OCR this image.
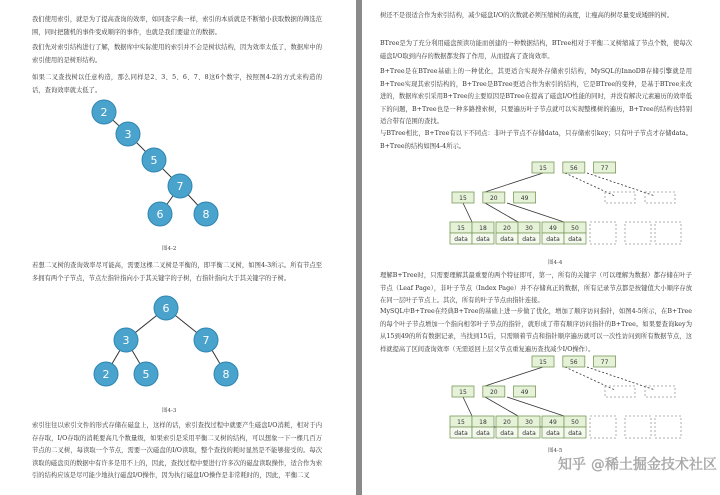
我们使用索引，就是为了提高查询的效率，如同查字典一样，索引的本质就是不断缩小获取数据的筛选范围，同时把随机的事件变成顺序的事件，也就是我们要建立的数据。

我们先对索引结构进行了解，数据库中实际使用的索引并不会是树状结构，因为效率太低了，数据库中的索引使用的是树形结构。

如果二叉查找树以任意构造，那么同样是2、3、5、6、7、8这6个数字，按照图4-2的方式来构造的话，查询效率就太低了。

2
3
5
7
6	8
图4-2

若想二叉树的查询效率尽可能高，需要这棵二叉树是平衡的，即平衡二叉树，如图4-3所示。所有节点至多拥有两个子节点，节点左指针指向小于其关键字的子树，右指针指向大于其关键字的子树。

6
3	7
2	5	8
图4-3

索引往往以索引文件的形式存储在磁盘上，这样的话，索引查找过程中就要产生磁盘I/O消耗，相对于内存存取，I/O存取的消耗要高几个数量级，如果索引是采用平衡二叉树的结构，可以想象一下一棵几百万节点的二叉树，每读取一个节点，需要一次磁盘的I/O读取，整个查找的耗时显然是不能够接受的。每次读取的磁盘页的数据中有许多是用不上的，因此，查找过程中要进行许多次的磁盘读取操作，适合作为索引的结构应该是尽可能少地执行磁盘I/O操作，因为执行磁盘I/O操作是非常耗时的，因此，平衡二叉

树还不是很适合作为索引结构，减少磁盘I/O的次数就必须压缩树的高度，让瘦高的树尽量变成矮胖的树。

BTree是为了充分利用磁盘预读功能而创建的一种数据结构，BTree相对于平衡二叉树缩减了节点个数，使每次磁盘I/O取到内存的数据都发挥了作用，从而提高了查询效率。

B+Tree是在BTree基础上的一种优化，其更适合实现外存储索引结构，MySQL的InnoDB存储引擎就是用B+Tree实现其索引结构的，B+Tree是BTree更适合作为索引的结构，它是BTree的变种，是基于BTree来改进的，数据库索引采用B+Tree的主要原因是BTree在提高了磁盘I/O性能的同时，并没有解决元素遍历的效率低下的问题，B+Tree也是一种多路搜索树，只要遍历叶子节点就可以实现整棵树的遍历，B+Tree的结构也特别适合带有范围的查找。

与BTree相比，B+Tree有以下不同点：非叶子节点不存储data，只存储索引key；只有叶子节点才存储data。B+Tree的结构如图4-4所示。

15	56	77
15	20	49
15
data
18
data
20
data
30
data
49
data
50
data
图4-4

理解B+Tree时，只需要理解其最重要的两个特征即可，第一，所有的关键字（可以理解为数据）都存储在叶子节点（Leaf Page），非叶子节点（Index Page）并不存储真正的数据，所有记录节点都是按键值大小顺序存放在同一层叶子节点上。其次，所有的叶子节点由指针连接。

MySQL中B+Tree在经典B+Tree的基础上进一步做了优化，增加了顺序访问指针，如图4-5所示，在B+Tree的每个叶子节点增加一个指向相邻叶子节点的指针，就形成了带有顺序访问指针的B+Tree。如果要查询key为从15到49的所有数据记录，当找到15后，只需顺着节点和指针顺序遍历就可以一次性访问到所有数据节点，这样就提高了区间查询效率（无需返回上层父节点重复遍历查找减少I/O操作）。

15	56	77
15	20	49
15
data
18
data
20
data
30
data
49
data
50
data
图4-5
知乎 @稀土掘金技术社区
